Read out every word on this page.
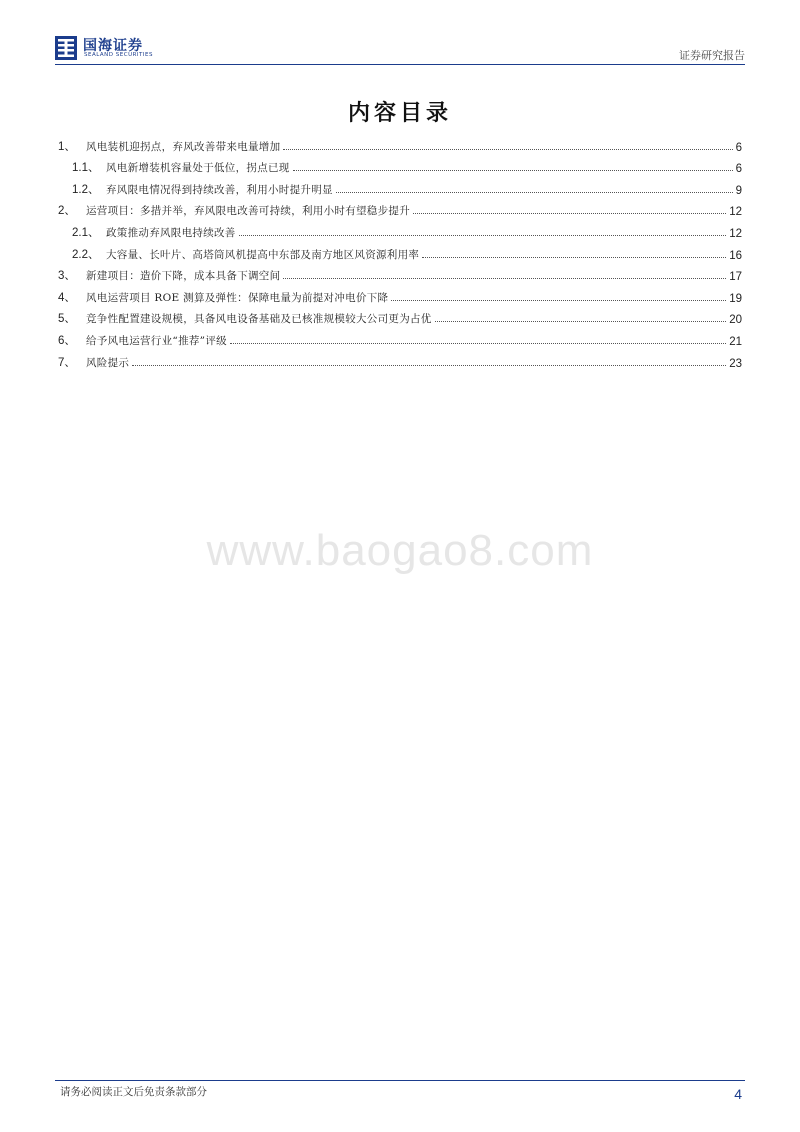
国海证券
SEALAND SECURITIES	证券研究报告
内容目录
1、 风电装机迎拐点，弃风改善带来电量增加	6
1.1、 风电新增装机容量处于低位，拐点已现	6
1.2、 弃风限电情况得到持续改善，利用小时提升明显	9
2、 运营项目：多措并举，弃风限电改善可持续，利用小时有望稳步提升	12
2.1、 政策推动弃风限电持续改善	12
2.2、 大容量、长叶片、高塔筒风机提高中东部及南方地区风资源利用率	16
3、 新建项目：造价下降，成本具备下调空间	17
4、 风电运营项目 ROE 测算及弹性：保障电量为前提对冲电价下降	19
5、 竞争性配置建设规模，具备风电设备基础及已核准规模较大公司更为占优	20
6、 给予风电运营行业“推荐”评级	21
7、 风险提示	23
www.baogao8.com
请务必阅读正文后免责条款部分	4
